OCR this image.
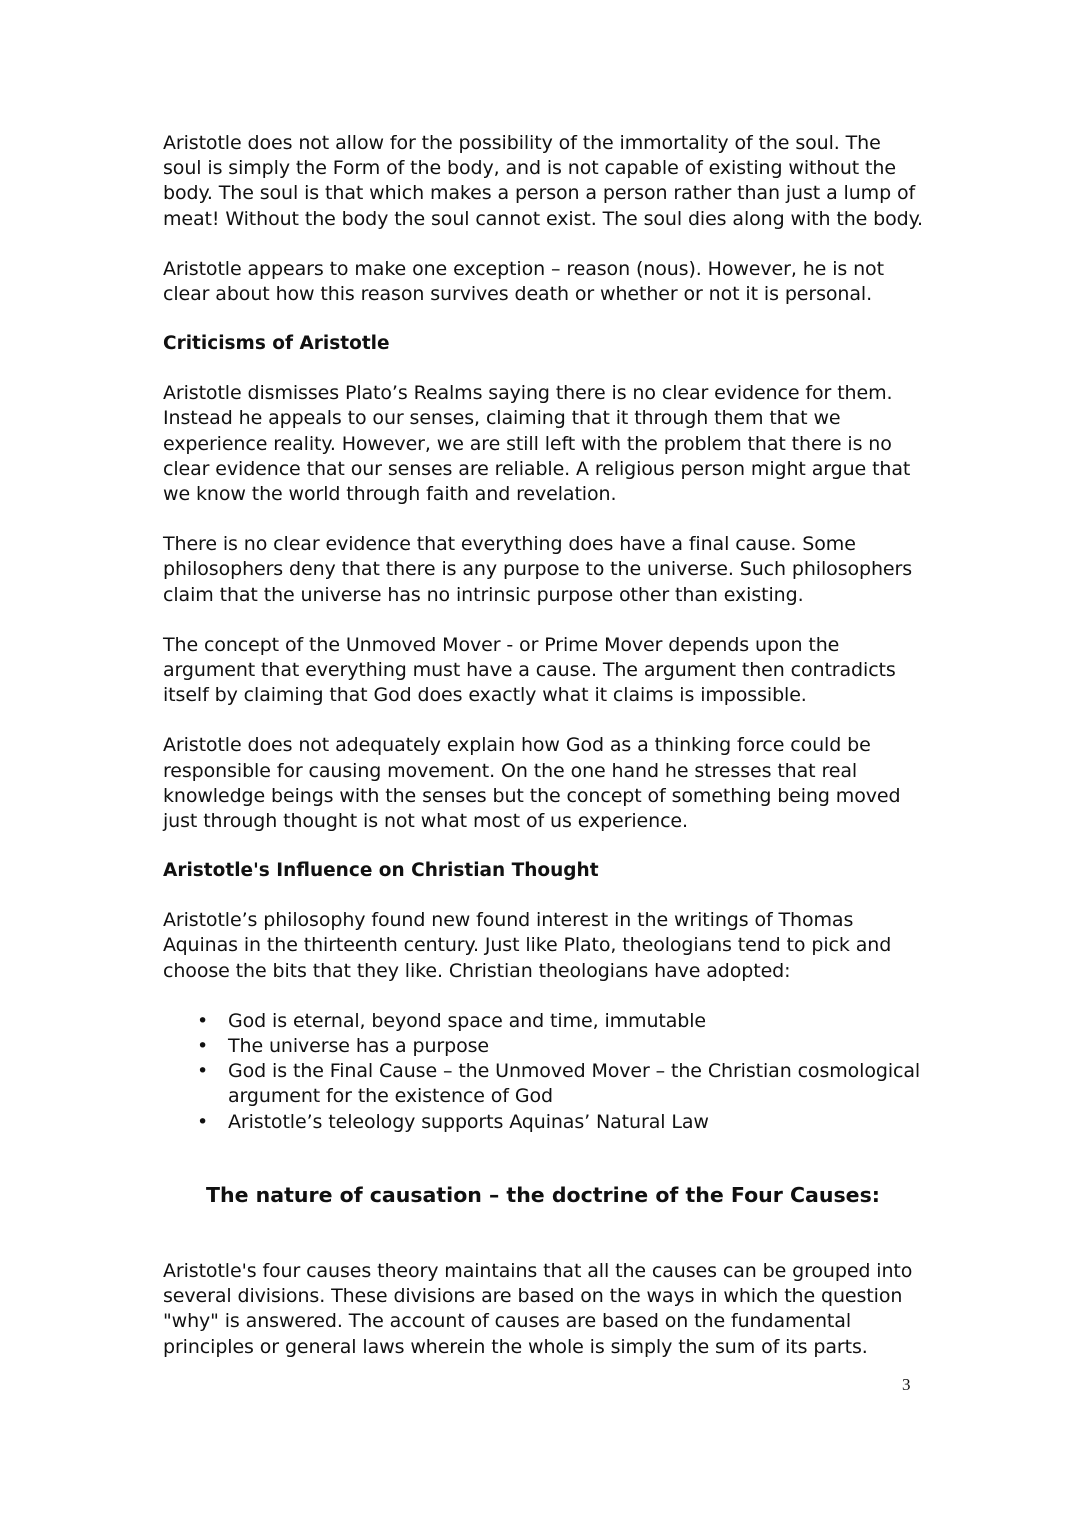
Aristotle does not allow for the possibility of the immortality of the soul. The soul is simply the Form of the body, and is not capable of existing without the body. The soul is that which makes a person a person rather than just a lump of meat! Without the body the soul cannot exist. The soul dies along with the body.

Aristotle appears to make one exception – reason (nous). However, he is not clear about how this reason survives death or whether or not it is personal.

Criticisms of Aristotle

Aristotle dismisses Plato’s Realms saying there is no clear evidence for them. Instead he appeals to our senses, claiming that it through them that we experience reality. However, we are still left with the problem that there is no clear evidence that our senses are reliable. A religious person might argue that we know the world through faith and revelation.

There is no clear evidence that everything does have a final cause. Some philosophers deny that there is any purpose to the universe. Such philosophers claim that the universe has no intrinsic purpose other than existing.

The concept of the Unmoved Mover - or Prime Mover depends upon the argument that everything must have a cause. The argument then contradicts itself by claiming that God does exactly what it claims is impossible.

Aristotle does not adequately explain how God as a thinking force could be responsible for causing movement. On the one hand he stresses that real knowledge beings with the senses but the concept of something being moved just through thought is not what most of us experience.

Aristotle's Influence on Christian Thought

Aristotle’s philosophy found new found interest in the writings of Thomas Aquinas in the thirteenth century. Just like Plato, theologians tend to pick and choose the bits that they like. Christian theologians have adopted:

• God is eternal, beyond space and time, immutable
• The universe has a purpose
• God is the Final Cause – the Unmoved Mover – the Christian cosmological argument for the existence of God
• Aristotle’s teleology supports Aquinas’ Natural Law
The nature of causation – the doctrine of the Four Causes:

Aristotle's four causes theory maintains that all the causes can be grouped into several divisions. These divisions are based on the ways in which the question "why" is answered. The account of causes are based on the fundamental principles or general laws wherein the whole is simply the sum of its parts.

3
